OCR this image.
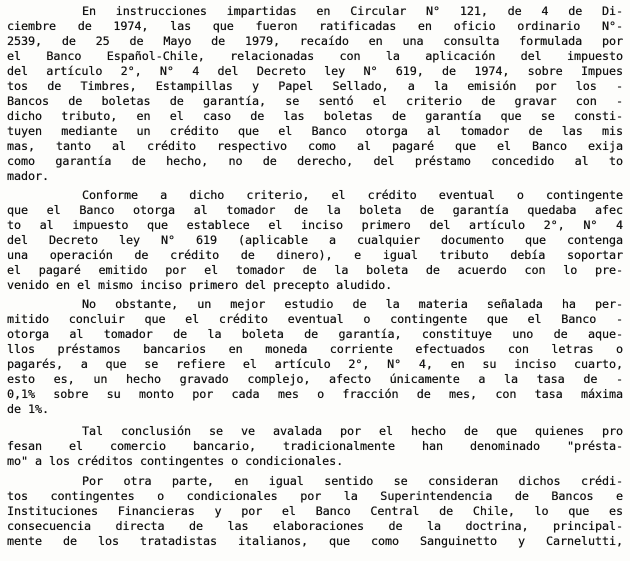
En instrucciones impartidas en Circular N° 121, de 4 de Di-
ciembre de 1974, las que fueron ratificadas en oficio ordinario N°-
2539, de 25 de Mayo de 1979, recaído en una consulta formulada por
el Banco Español-Chile, relacionadas con la aplicación del impuesto
del artículo 2°, N° 4 del Decreto ley N° 619, de 1974, sobre Impues
tos de Timbres, Estampillas y Papel Sellado, a la emisión por los -
Bancos de boletas de garantía, se sentó el criterio de gravar con -
dicho tributo, en el caso de las boletas de garantía que se consti-
tuyen mediante un crédito que el Banco otorga al tomador de las mis
mas, tanto al crédito respectivo como al pagaré que el Banco exija
como garantía de hecho, no de derecho, del préstamo concedido al to
mador.
Conforme a dicho criterio, el crédito eventual o contingente
que el Banco otorga al tomador de la boleta de garantía quedaba afec
to al impuesto que establece el inciso primero del artículo 2°, N° 4
del Decreto ley N° 619 (aplicable a cualquier documento que contenga
una operación de crédito de dinero), e igual tributo debía soportar
el pagaré emitido por el tomador de la boleta de acuerdo con lo pre-
venido en el mismo inciso primero del precepto aludido.
No obstante, un mejor estudio de la materia señalada ha per-
mitido concluir que el crédito eventual o contingente que el Banco -
otorga al tomador de la boleta de garantía, constituye uno de aque-
llos préstamos bancarios en moneda corriente efectuados con letras o
pagarés, a que se refiere el artículo 2°, N° 4, en su inciso cuarto,
esto es, un hecho gravado complejo, afecto únicamente a la tasa de -
0,1% sobre su monto por cada mes o fracción de mes, con tasa máxima
de 1%.
Tal conclusión se ve avalada por el hecho de que quienes pro
fesan el comercio bancario, tradicionalmente han denominado "présta-
mo" a los créditos contingentes o condicionales.
Por otra parte, en igual sentido se consideran dichos crédi-
tos contingentes o condicionales por la Superintendencia de Bancos e
Instituciones Financieras y por el Banco Central de Chile, lo que es
consecuencia directa de las elaboraciones de la doctrina, principal-
mente de los tratadistas italianos, que como Sanguinetto y Carnelutti,
